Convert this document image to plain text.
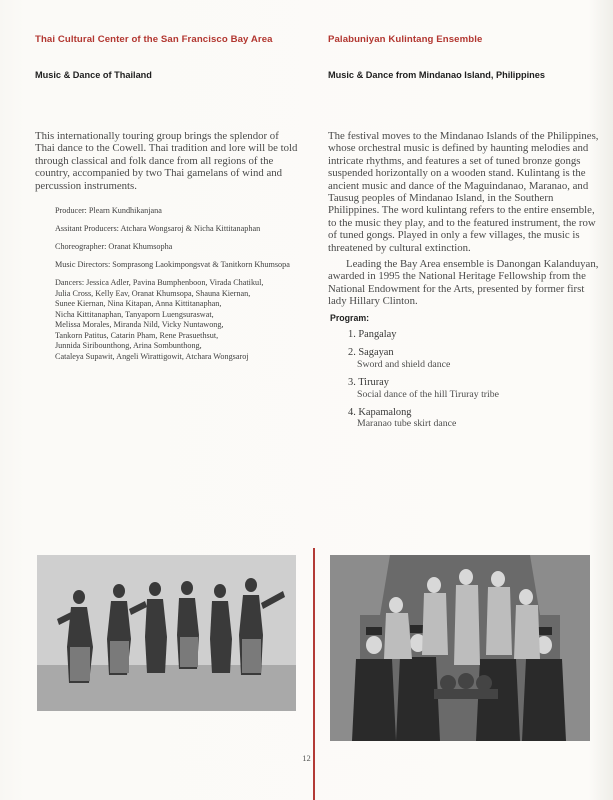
Thai Cultural Center of the San Francisco Bay Area
Music & Dance of Thailand

This internationally touring group brings the splendor of
Thai dance to the Cowell. Thai tradition and lore will be told
through classical and folk dance from all regions of the
country, accompanied by two Thai gamelans of wind and
percussion instruments.

Producer: Plearn Kundhikanjana
Assitant Producers: Atchara Wongsaroj & Nicha Kittitanaphan
Choreographer: Oranat Khumsopha
Music Directors: Somprasong Laokimpongsvat & Tanitkorn Khumsopa
Dancers: Jessica Adler, Pavina Bumphenboon, Virada Chatikul,
Julia Cross, Kelly Eav, Oranat Khumsopa, Shauna Kiernan,
Sunee Kiernan, Nina Kitapan, Anna Kittitanaphan,
Nicha Kittitanaphan, Tanyaporn Luengsuraswat,
Melissa Morales, Miranda Nild, Vicky Nuntawong,
Tankorn Patitus, Catarin Pham, Rene Prasuethsut,
Junnida Siribounthong, Arina Sombunthong,
Cataleya Supawit, Angeli Wirattigowit, Atchara Wongsaroj
Palabuniyan Kulintang Ensemble
Music & Dance from Mindanao Island, Philippines

The festival moves to the Mindanao Islands of the Philippines,
whose orchestral music is defined by haunting melodies and
intricate rhythms, and features a set of tuned bronze gongs
suspended horizontally on a wooden stand. Kulintang is the
ancient music and dance of the Maguindanao, Maranao, and
Tausug peoples of Mindanao Island, in the Southern
Philippines. The word kulintang refers to the entire ensemble,
to the music they play, and to the featured instrument, the row
of tuned gongs. Played in only a few villages, the music is
threatened by cultural extinction.

Leading the Bay Area ensemble is Danongan Kalanduyan,
awarded in 1995 the National Heritage Fellowship from the
National Endowment for the Arts, presented by former first
lady Hillary Clinton.

Program:
1. Pangalay
2. Sagayan
Sword and shield dance
3. Tiruray
Social dance of the hill Tiruray tribe
4. Kapamalong
Maranao tube skirt dance
12
